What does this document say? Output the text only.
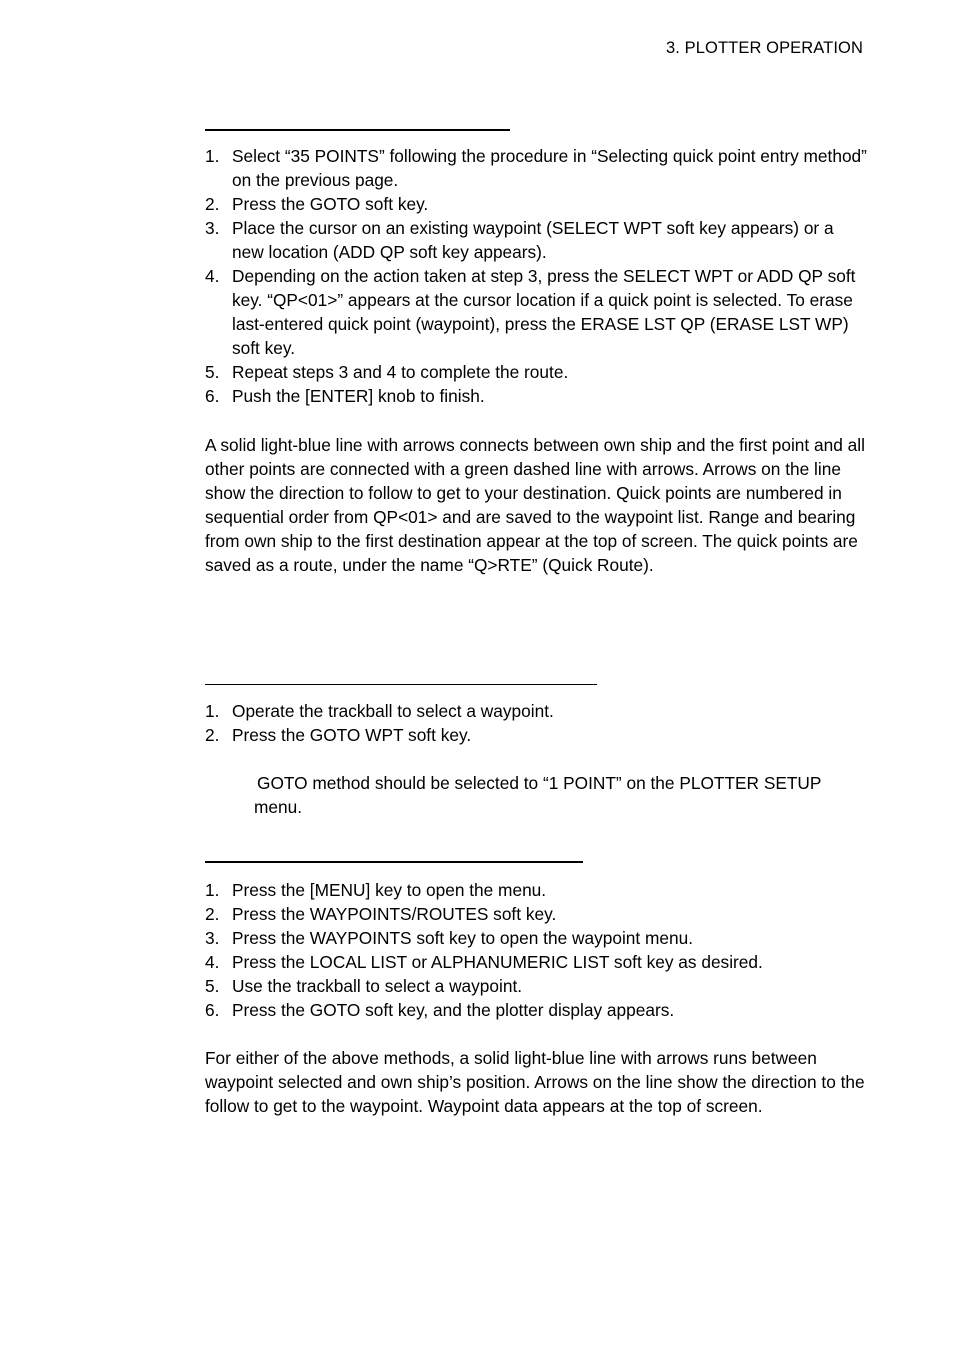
3. PLOTTER OPERATION
1. Select “35 POINTS” following the procedure in “Selecting quick point entry method” on the previous page.
2. Press the GOTO soft key.
3. Place the cursor on an existing waypoint (SELECT WPT soft key appears) or a new location (ADD QP soft key appears).
4. Depending on the action taken at step 3, press the SELECT WPT or ADD QP soft key. “QP<01>” appears at the cursor location if a quick point is selected. To erase last-entered quick point (waypoint), press the ERASE LST QP (ERASE LST WP) soft key.
5. Repeat steps 3 and 4 to complete the route.
6. Push the [ENTER] knob to finish.

A solid light-blue line with arrows connects between own ship and the first point and all other points are connected with a green dashed line with arrows. Arrows on the line show the direction to follow to get to your destination. Quick points are numbered in sequential order from QP<01> and are saved to the waypoint list. Range and bearing from own ship to the first destination appear at the top of screen. The quick points are saved as a route, under the name “Q>RTE” (Quick Route).

1. Operate the trackball to select a waypoint.
2. Press the GOTO WPT soft key.

GOTO method should be selected to “1 POINT” on the PLOTTER SETUP menu.

1. Press the [MENU] key to open the menu.
2. Press the WAYPOINTS/ROUTES soft key.
3. Press the WAYPOINTS soft key to open the waypoint menu.
4. Press the LOCAL LIST or ALPHANUMERIC LIST soft key as desired.
5. Use the trackball to select a waypoint.
6. Press the GOTO soft key, and the plotter display appears.

For either of the above methods, a solid light-blue line with arrows runs between waypoint selected and own ship’s position. Arrows on the line show the direction to the follow to get to the waypoint. Waypoint data appears at the top of screen.
